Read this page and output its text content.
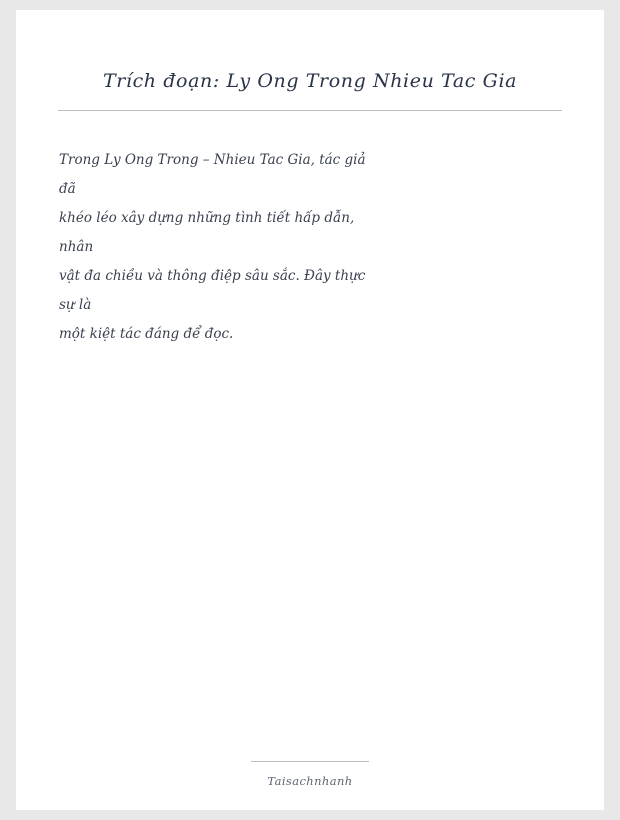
Trích đoạn: Ly Ong Trong Nhieu Tac Gia
Trong Ly Ong Trong – Nhieu Tac Gia, tác giả
đã
khéo léo xây dựng những tình tiết hấp dẫn,
nhân
vật đa chiều và thông điệp sâu sắc. Đây thực
sự là
một kiệt tác đáng để đọc.
Taisachnhanh
